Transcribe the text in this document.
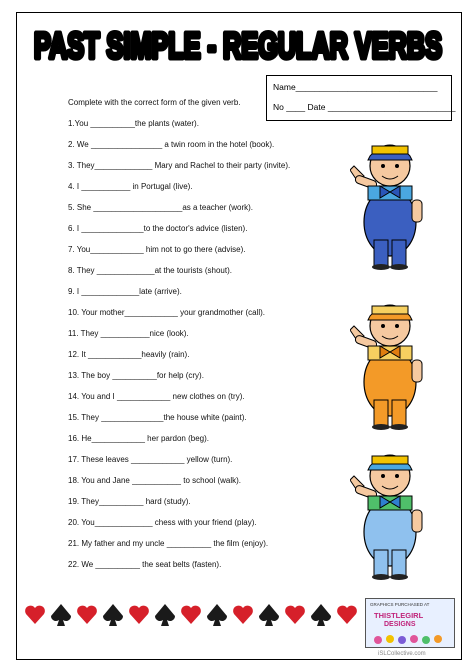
PAST SIMPLE - REGULAR VERBS
PAST SIMPLE - REGULAR VERBS
Name______________________________
No ____ Date ___________________________
Complete with the correct form of the given verb.
1.You __________the plants (water).
2. We ________________ a twin room in the hotel (book).
3. They_____________ Mary and Rachel to their party (invite).
4. I ___________ in Portugal (live).
5. She ____________________as a teacher (work).
6. I ______________to the doctor's advice (listen).
7. You____________ him not to go there (advise).
8. They _____________at the tourists (shout).
9. I _____________late (arrive).
10. Your mother____________ your grandmother (call).
11. They ___________nice (look).
12. It ____________heavily (rain).
13. The boy __________for help (cry).
14. You and I ____________ new clothes on (try).
15. They ______________the house white (paint).
16. He____________ her pardon (beg).
17. These leaves ____________ yellow (turn).
18. You and Jane ___________ to school (walk).
19. They__________ hard (study).
20. You_____________ chess with your friend (play).
21. My father and my uncle __________ the film (enjoy).
22. We __________ the seat belts (fasten).
GRAPHICS PURCHASED AT
THISTLEGIRL
DESIGNS
iSLCollective.com
